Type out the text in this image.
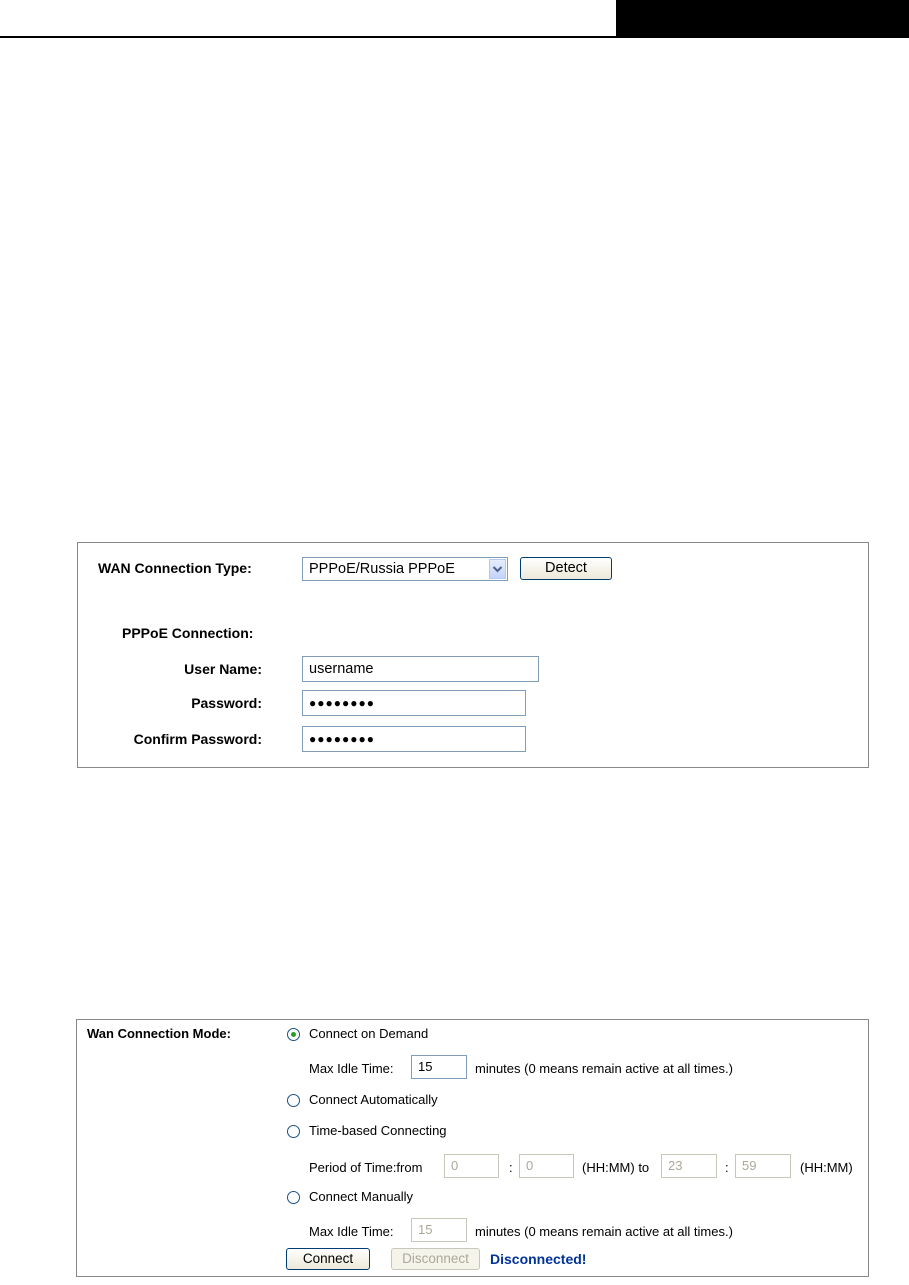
WAN Connection Type:	PPPoE/Russia PPPoE	Detect
PPPoE Connection:
User Name:	username
Password:	●●●●●●●●
Confirm Password:	●●●●●●●●
Wan Connection Mode:	Connect on Demand
Max Idle Time:	15	minutes (0 means remain active at all times.)
Connect Automatically
Time-based Connecting
Period of Time:from	0	:	0	(HH:MM) to	23	:	59	(HH:MM)
Connect Manually
Max Idle Time:	15	minutes (0 means remain active at all times.)
Connect	Disconnect	Disconnected!
